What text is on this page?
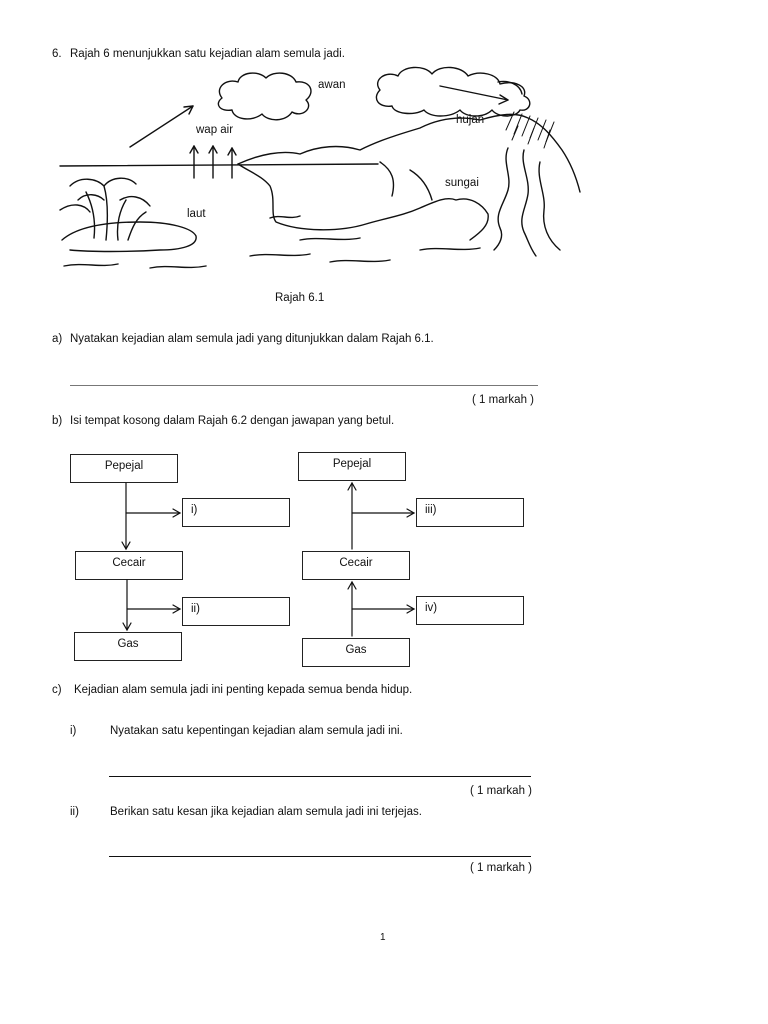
6. Rajah 6 menunjukkan satu kejadian alam semula jadi.
awan
wap air
hujan
sungai
laut
Rajah 6.1
a) Nyatakan kejadian alam semula jadi yang ditunjukkan dalam Rajah 6.1.
( 1 markah )
b) Isi tempat kosong dalam Rajah 6.2 dengan jawapan yang betul.
Pepejal
Cecair
Gas
i)
ii)
Pepejal
Cecair
Gas
iii)
iv)
c) Kejadian alam semula jadi ini penting kepada semua benda hidup.
i)	Nyatakan satu kepentingan kejadian alam semula jadi ini.
( 1 markah )
ii)	Berikan satu kesan jika kejadian alam semula jadi ini terjejas.
( 1 markah )
1
